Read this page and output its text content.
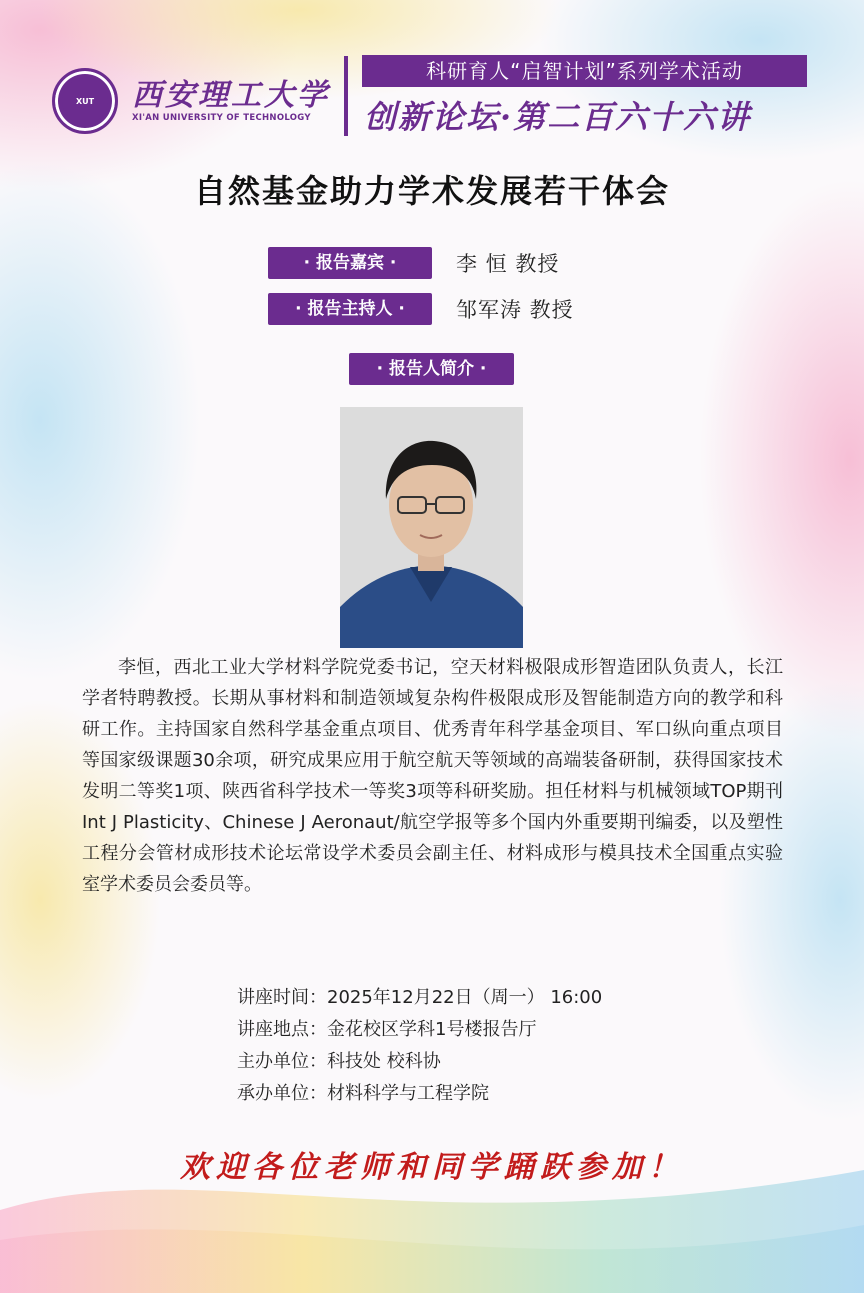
XUT 西安理工大学
XI'AN UNIVERSITY OF TECHNOLOGY
科研育人“启智计划”系列学术活动
创新论坛·第二百六十六讲
自然基金助力学术发展若干体会
· 报告嘉宾 ·	李 恒 教授
· 报告主持人 ·	邹军涛 教授
· 报告人简介 ·
李恒，西北工业大学材料学院党委书记，空天材料极限成形智造团队负责人，长江学者特聘教授。长期从事材料和制造领域复杂构件极限成形及智能制造方向的教学和科研工作。主持国家自然科学基金重点项目、优秀青年科学基金项目、军口纵向重点项目等国家级课题30余项，研究成果应用于航空航天等领域的高端装备研制，获得国家技术发明二等奖1项、陕西省科学技术一等奖3项等科研奖励。担任材料与机械领域TOP期刊Int J Plasticity、Chinese J Aeronaut/航空学报等多个国内外重要期刊编委，以及塑性工程分会管材成形技术论坛常设学术委员会副主任、材料成形与模具技术全国重点实验室学术委员会委员等。
讲座时间：2025年12月22日（周一） 16:00
讲座地点：金花校区学科1号楼报告厅
主办单位：科技处 校科协
承办单位：材料科学与工程学院
欢迎各位老师和同学踊跃参加！
